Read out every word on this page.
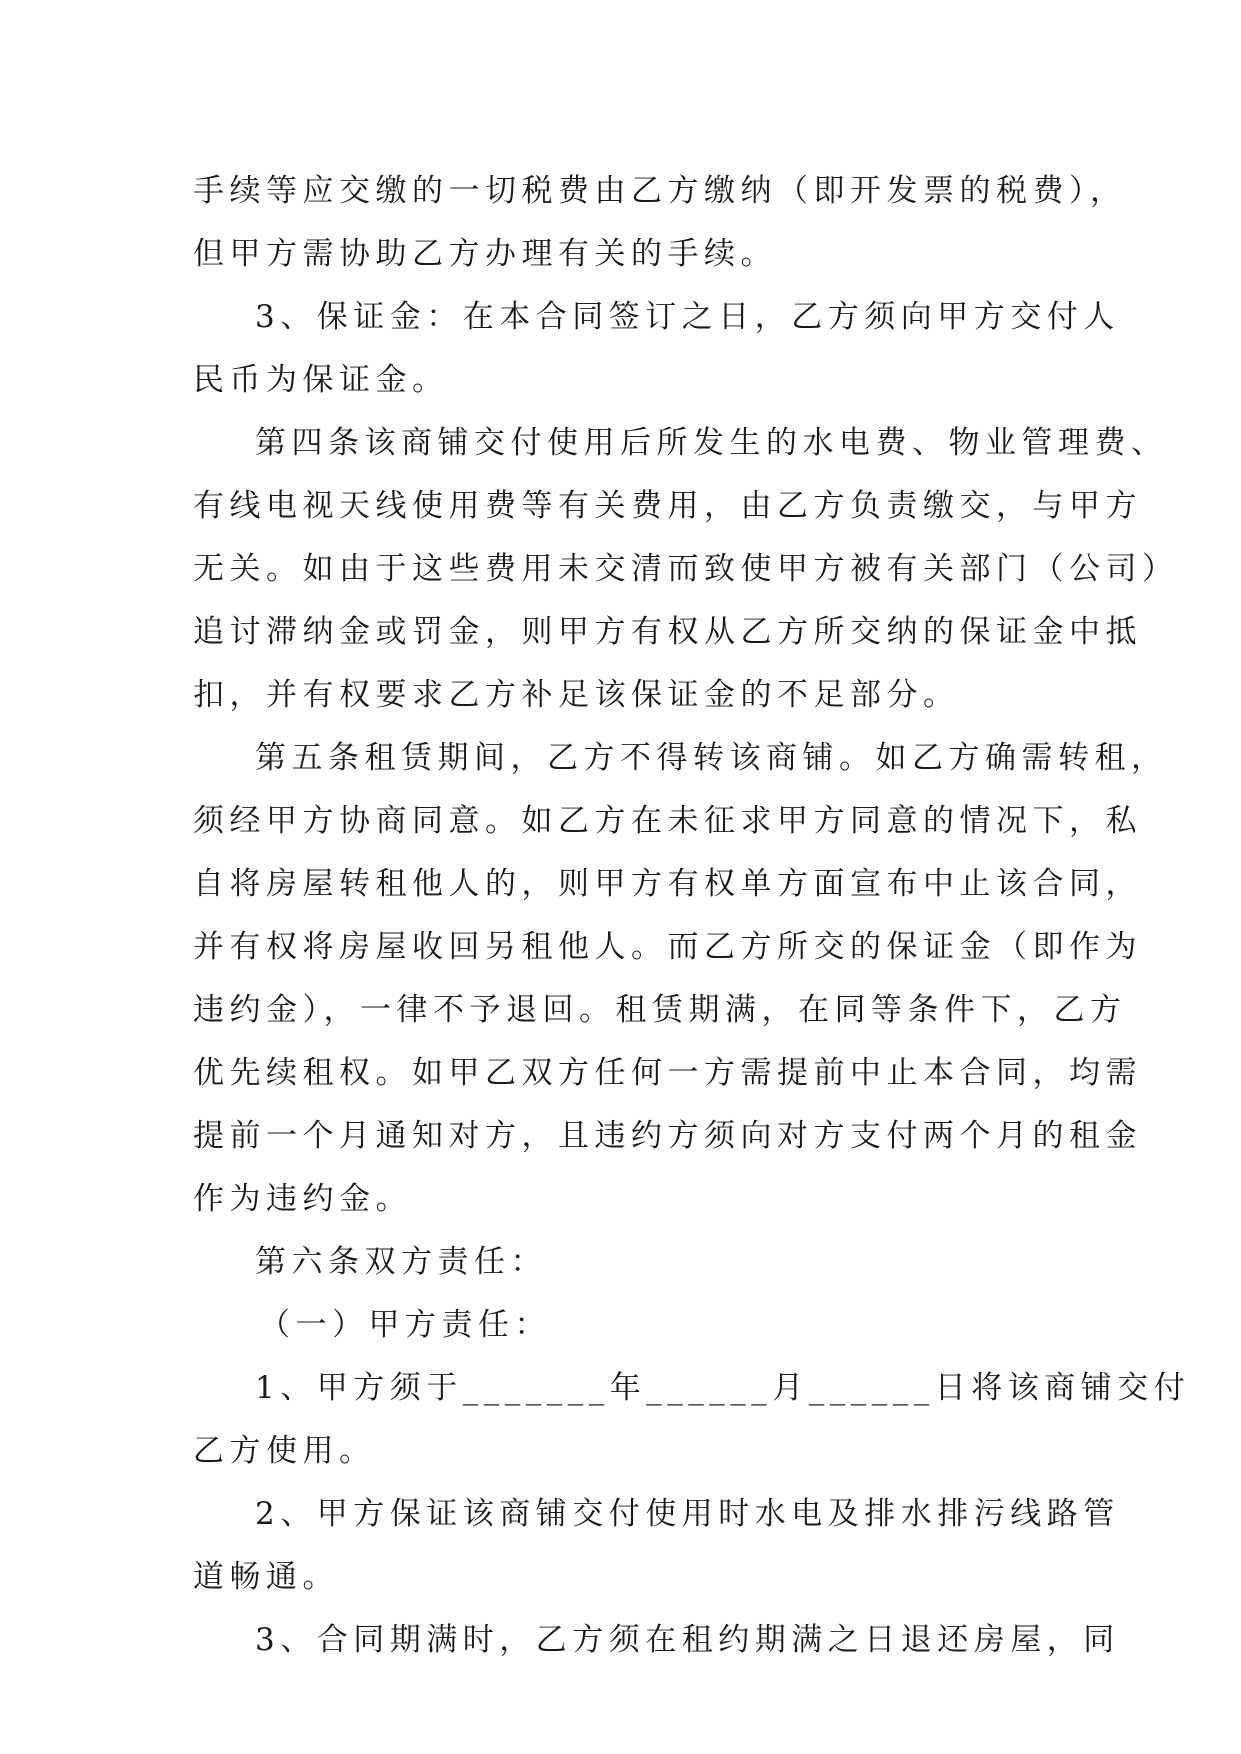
手续等应交缴的一切税费由乙方缴纳（即开发票的税费），
但甲方需协助乙方办理有关的手续。
3、保证金：在本合同签订之日，乙方须向甲方交付人
民币为保证金。
第四条该商铺交付使用后所发生的水电费、物业管理费、
有线电视天线使用费等有关费用，由乙方负责缴交，与甲方
无关。如由于这些费用未交清而致使甲方被有关部门（公司）
追讨滞纳金或罚金，则甲方有权从乙方所交纳的保证金中抵
扣，并有权要求乙方补足该保证金的不足部分。
第五条租赁期间，乙方不得转该商铺。如乙方确需转租，
须经甲方协商同意。如乙方在未征求甲方同意的情况下，私
自将房屋转租他人的，则甲方有权单方面宣布中止该合同，
并有权将房屋收回另租他人。而乙方所交的保证金（即作为
违约金），一律不予退回。租赁期满，在同等条件下，乙方
优先续租权。如甲乙双方任何一方需提前中止本合同，均需
提前一个月通知对方，且违约方须向对方支付两个月的租金
作为违约金。
第六条双方责任：
（一）甲方责任：
1、甲方须于_______年______月______日将该商铺交付
乙方使用。
2、甲方保证该商铺交付使用时水电及排水排污线路管
道畅通。
3、合同期满时，乙方须在租约期满之日退还房屋，同
